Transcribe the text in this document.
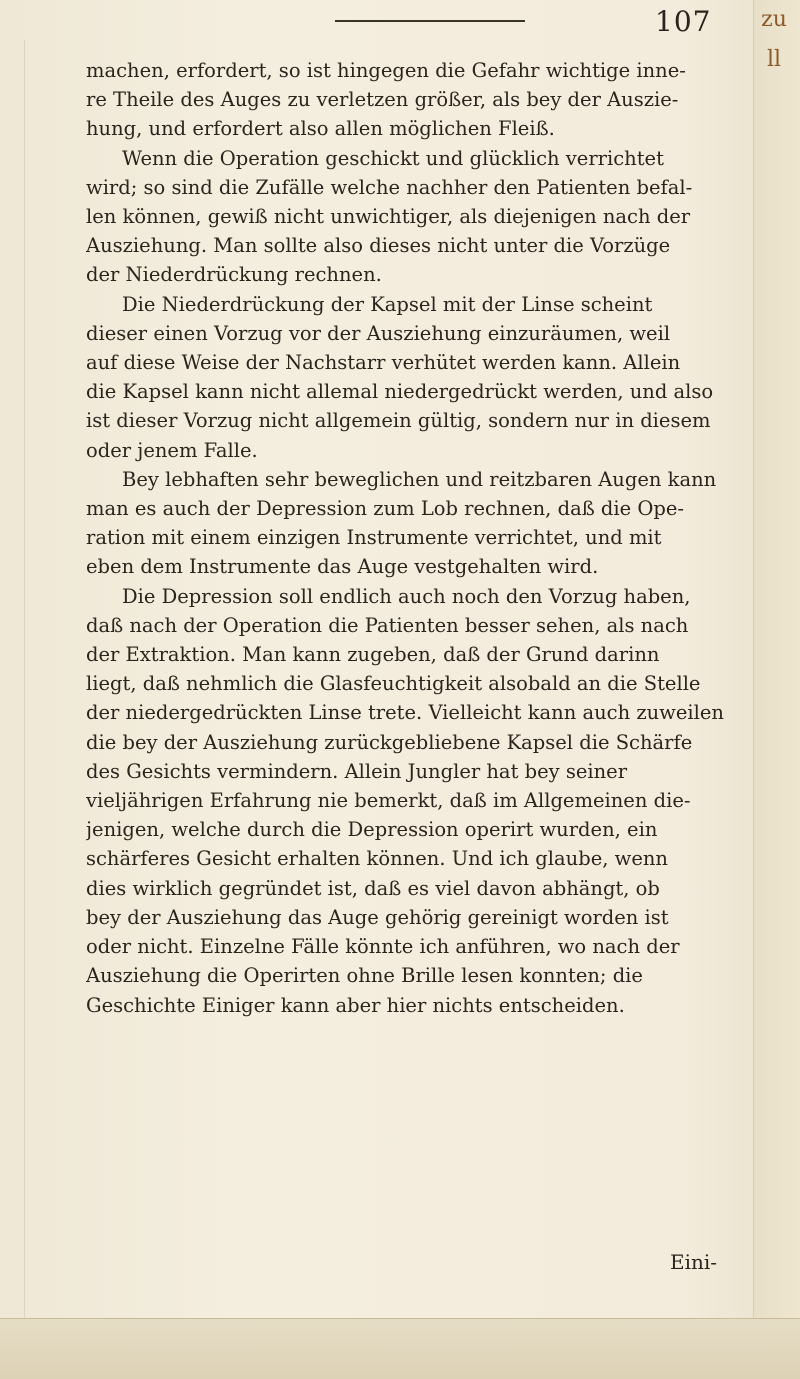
zu ll
107
machen, erfordert, so ist hingegen die Gefahr wichtige inne-
re Theile des Auges zu verletzen größer, als bey der Auszie-
hung, und erfordert also allen möglichen Fleiß.
Wenn die Operation geschickt und glücklich verrichtet
wird; so sind die Zufälle welche nachher den Patienten befal-
len können, gewiß nicht unwichtiger, als diejenigen nach der
Ausziehung. Man sollte also dieses nicht unter die Vorzüge
der Niederdrückung rechnen.
Die Niederdrückung der Kapsel mit der Linse scheint
dieser einen Vorzug vor der Ausziehung einzuräumen, weil
auf diese Weise der Nachstarr verhütet werden kann. Allein
die Kapsel kann nicht allemal niedergedrückt werden, und also
ist dieser Vorzug nicht allgemein gültig, sondern nur in diesem
oder jenem Falle.
Bey lebhaften sehr beweglichen und reitzbaren Augen kann
man es auch der Depression zum Lob rechnen, daß die Ope-
ration mit einem einzigen Instrumente verrichtet, und mit
eben dem Instrumente das Auge vestgehalten wird.
Die Depression soll endlich auch noch den Vorzug haben,
daß nach der Operation die Patienten besser sehen, als nach
der Extraktion. Man kann zugeben, daß der Grund darinn
liegt, daß nehmlich die Glasfeuchtigkeit alsobald an die Stelle
der niedergedrückten Linse trete. Vielleicht kann auch zuweilen
die bey der Ausziehung zurückgebliebene Kapsel die Schärfe
des Gesichts vermindern. Allein Jungler hat bey seiner
vieljährigen Erfahrung nie bemerkt, daß im Allgemeinen die-
jenigen, welche durch die Depression operirt wurden, ein
schärferes Gesicht erhalten können. Und ich glaube, wenn
dies wirklich gegründet ist, daß es viel davon abhängt, ob
bey der Ausziehung das Auge gehörig gereinigt worden ist
oder nicht. Einzelne Fälle könnte ich anführen, wo nach der
Ausziehung die Operirten ohne Brille lesen konnten; die
Geschichte Einiger kann aber hier nichts entscheiden.
Eini-
